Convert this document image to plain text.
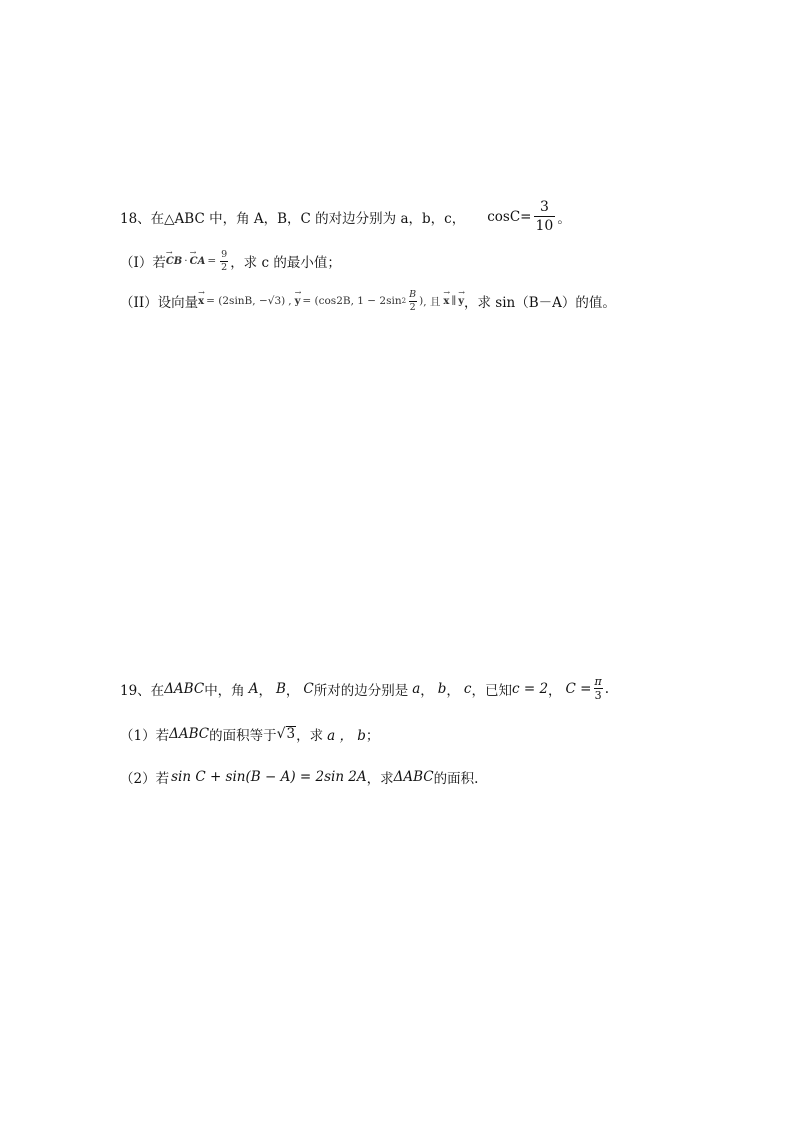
18、在△ABC 中，角 A，B，C 的对边分别为 a，b，c， $\cos C= \frac{3}{10}$ 。
（I）若 → CB · → CA = $\frac{9}{2}$ ，求 c 的最小值；
（II）设向量 → x = (2sinB, −√3) , → y = (cos2B, 1 − 2sin $2 \frac{B}{2}$ ) , 且 → x ∥ → y ，求 sin（B－A）的值。
19、在 ΔABC 中，角 A ， B ， C 所对的边分别是 a ， b ， c ，已知 c = 2 ， $C = \frac{\pi}{3}$ .
（1）若 ΔABC 的面积等于 √ 3 ，求 a ， b ；
（2）若 sin C + sin(B − A) = 2sin 2A ，求 ΔABC 的面积.
